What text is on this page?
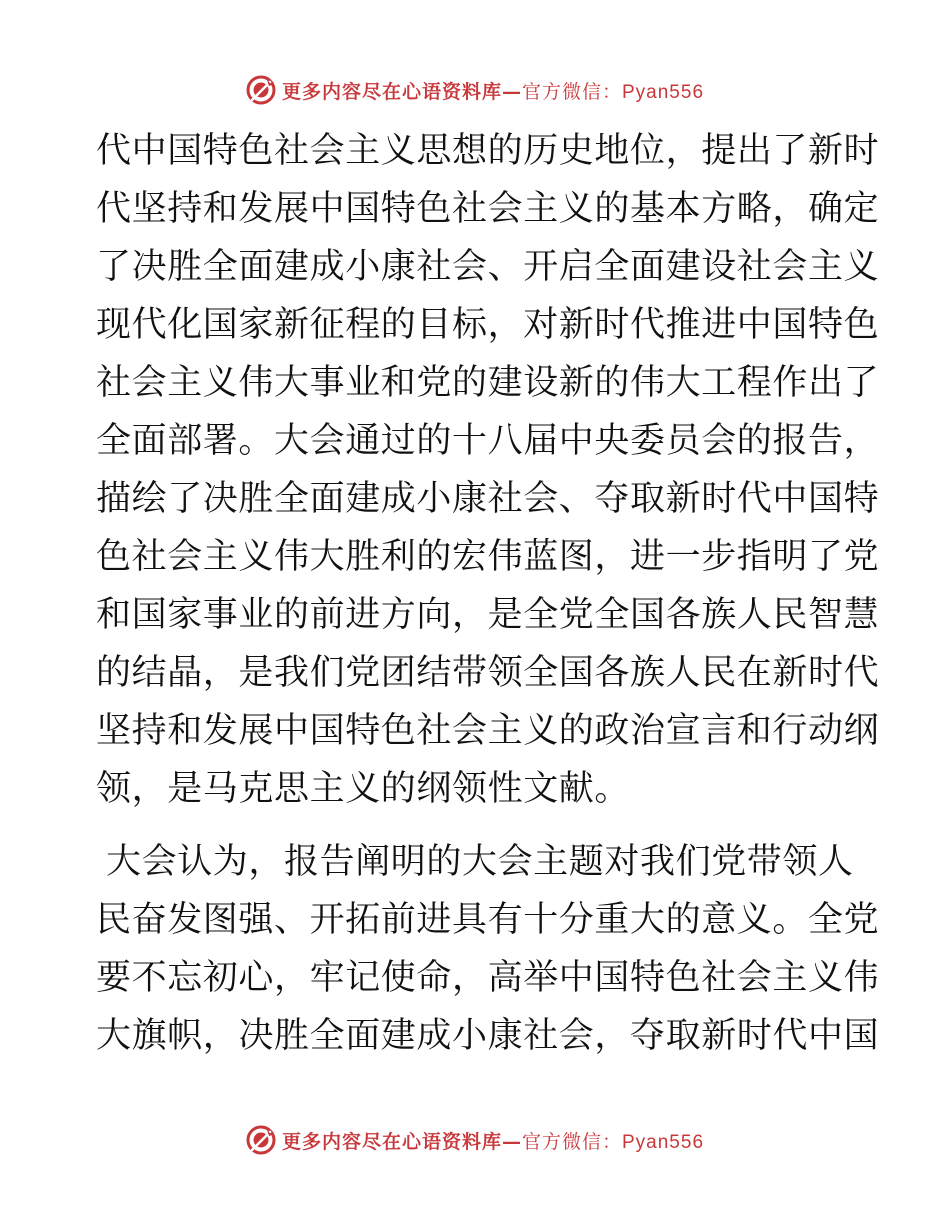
更多内容尽在心语资料库—官方微信：Pyan556
代中国特色社会主义思想的历史地位，提出了新时
代坚持和发展中国特色社会主义的基本方略，确定
了决胜全面建成小康社会、开启全面建设社会主义
现代化国家新征程的目标，对新时代推进中国特色
社会主义伟大事业和党的建设新的伟大工程作出了
全面部署。大会通过的十八届中央委员会的报告，
描绘了决胜全面建成小康社会、夺取新时代中国特
色社会主义伟大胜利的宏伟蓝图，进一步指明了党
和国家事业的前进方向，是全党全国各族人民智慧
的结晶，是我们党团结带领全国各族人民在新时代
坚持和发展中国特色社会主义的政治宣言和行动纲
领，是马克思主义的纲领性文献。
大会认为，报告阐明的大会主题对我们党带领人
民奋发图强、开拓前进具有十分重大的意义。全党
要不忘初心，牢记使命，高举中国特色社会主义伟
大旗帜，决胜全面建成小康社会，夺取新时代中国
更多内容尽在心语资料库—官方微信：Pyan556
